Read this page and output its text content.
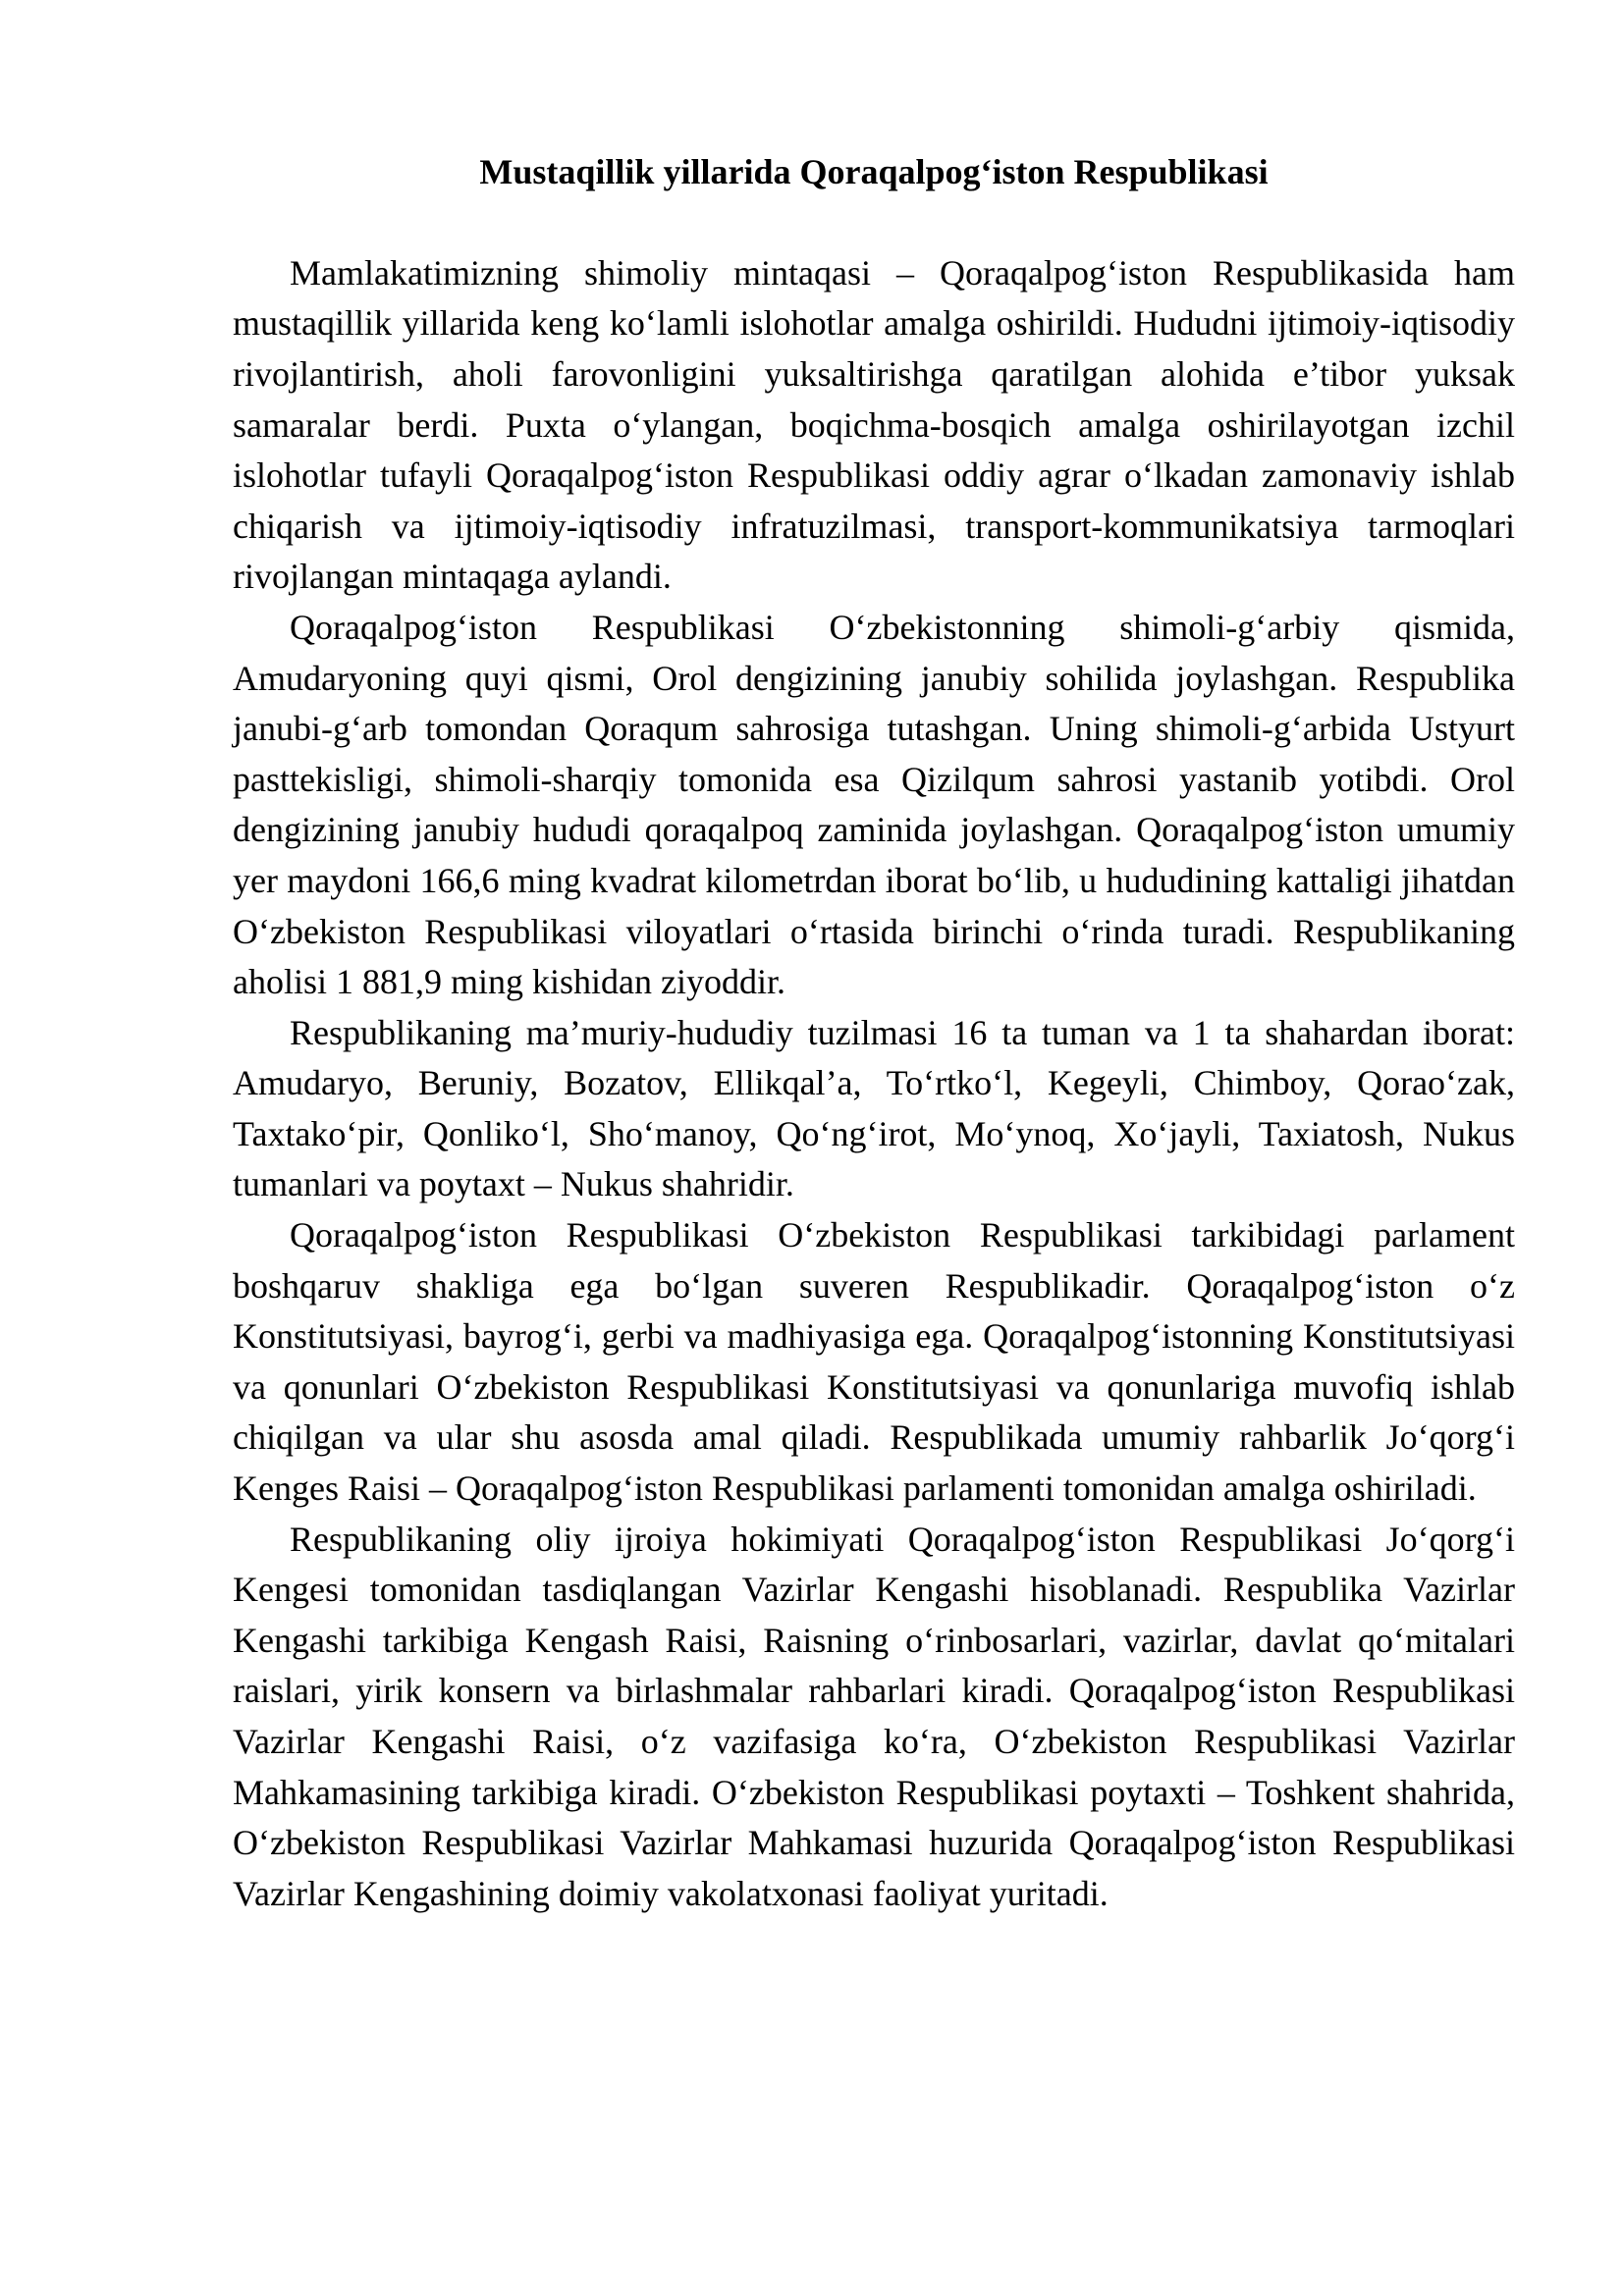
Mustaqillik yillarida Qoraqalpog‘iston Respublikasi

Mamlakatimizning shimoliy mintaqasi – Qoraqalpog‘iston Respublikasida ham mustaqillik yillarida keng ko‘lamli islohotlar amalga oshirildi. Hududni ijtimoiy-iqtisodiy rivojlantirish, aholi farovonligini yuksaltirishga qaratilgan alohida e’tibor yuksak samaralar berdi. Puxta o‘ylangan, boqichma-bosqich amalga oshirilayotgan izchil islohotlar tufayli Qoraqalpog‘iston Respublikasi oddiy agrar o‘lkadan zamonaviy ishlab chiqarish va ijtimoiy-iqtisodiy infratuzilmasi, transport-kommunikatsiya tarmoqlari rivojlangan mintaqaga aylandi.

Qoraqalpog‘iston Respublikasi O‘zbekistonning shimoli-g‘arbiy qismida, Amudaryoning quyi qismi, Orol dengizining janubiy sohilida joylashgan. Respublika janubi-g‘arb tomondan Qoraqum sahrosiga tutashgan. Uning shimoli-g‘arbida Ustyurt pasttekisligi, shimoli-sharqiy tomonida esa Qizilqum sahrosi yastanib yotibdi. Orol dengizining janubiy hududi qoraqalpoq zaminida joylashgan. Qoraqalpog‘iston umumiy yer maydoni 166,6 ming kvadrat kilometrdan iborat bo‘lib, u hududining kattaligi jihatdan O‘zbekiston Respublikasi viloyatlari o‘rtasida birinchi o‘rinda turadi. Respublikaning aholisi 1 881,9 ming kishidan ziyoddir.

Respublikaning ma’muriy-hududiy tuzilmasi 16 ta tuman va 1 ta shahardan iborat: Amudaryo, Beruniy, Bozatov, Ellikqal’a, To‘rtko‘l, Kegeyli, Chimboy, Qorao‘zak, Taxtako‘pir, Qonliko‘l, Sho‘manoy, Qo‘ng‘irot, Mo‘ynoq, Xo‘jayli, Taxiatosh, Nukus tumanlari va poytaxt – Nukus shahridir.

Qoraqalpog‘iston Respublikasi O‘zbekiston Respublikasi tarkibidagi parlament boshqaruv shakliga ega bo‘lgan suveren Respublikadir. Qoraqalpog‘iston o‘z Konstitutsiyasi, bayrog‘i, gerbi va madhiyasiga ega. Qoraqalpog‘istonning Konstitutsiyasi va qonunlari O‘zbekiston Respublikasi Konstitutsiyasi va qonunlariga muvofiq ishlab chiqilgan va ular shu asosda amal qiladi. Respublikada umumiy rahbarlik Jo‘qorg‘i Kenges Raisi – Qoraqalpog‘iston Respublikasi parlamenti tomonidan amalga oshiriladi.

Respublikaning oliy ijroiya hokimiyati Qoraqalpog‘iston Respublikasi Jo‘qorg‘i Kengesi tomonidan tasdiqlangan Vazirlar Kengashi hisoblanadi. Respublika Vazirlar Kengashi tarkibiga Kengash Raisi, Raisning o‘rinbosarlari, vazirlar, davlat qo‘mitalari raislari, yirik konsern va birlashmalar rahbarlari kiradi. Qoraqalpog‘iston Respublikasi Vazirlar Kengashi Raisi, o‘z vazifasiga ko‘ra, O‘zbekiston Respublikasi Vazirlar Mahkamasining tarkibiga kiradi. O‘zbekiston Respublikasi poytaxti – Toshkent shahrida, O‘zbekiston Respublikasi Vazirlar Mahkamasi huzurida Qoraqalpog‘iston Respublikasi Vazirlar Kengashining doimiy vakolatxonasi faoliyat yuritadi.
